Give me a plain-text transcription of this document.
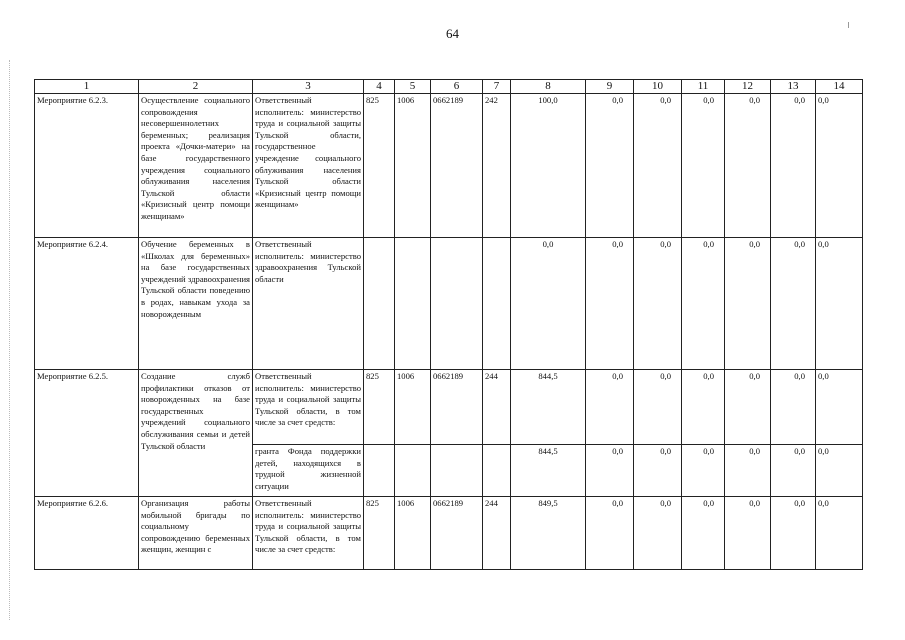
64
1	2	3	4	5	6	7	8	9	10	11	12	13	14
Мероприятие 6.2.3.	Осуществление социального сопровождения несовершеннолетних беременных; реализация проекта «Дочки-матери» на базе государственного учреждения социального облуживания населения Тульской области «Кризисный центр помощи женщинам»	Ответственный исполнитель: министерство труда и социальной защиты Тульской области, государственное учреждение социального облуживания населения Тульской области «Кризисный центр помощи женщинам»	825	1006	0662189	242	100,0	0,0	0,0	0,0	0,0	0,0	0,0
Мероприятие 6.2.4.	Обучение беременных в «Школах для беременных» на базе государственных учреждений здравоохранения Тульской области поведению в родах, навыкам ухода за новорожденным	Ответственный исполнитель: министерство здравоохранения Тульской области					0,0	0,0	0,0	0,0	0,0	0,0	0,0
Мероприятие 6.2.5.	Создание служб профилактики отказов от новорожденных на базе государственных учреждений социального обслуживания семьи и детей Тульской области	Ответственный исполнитель: министерство труда и социальной защиты Тульской области, в том числе за счет средств:	825	1006	0662189	244	844,5	0,0	0,0	0,0	0,0	0,0	0,0
		гранта Фонда поддержки детей, находящихся в трудной жизненной ситуации					844,5	0,0	0,0	0,0	0,0	0,0	0,0
Мероприятие 6.2.6.	Организация работы мобильной бригады по социальному сопровождению беременных женщин, женщин с	Ответственный исполнитель: министерство труда и социальной защиты Тульской области, в том числе за счет средств:	825	1006	0662189	244	849,5	0,0	0,0	0,0	0,0	0,0	0,0
